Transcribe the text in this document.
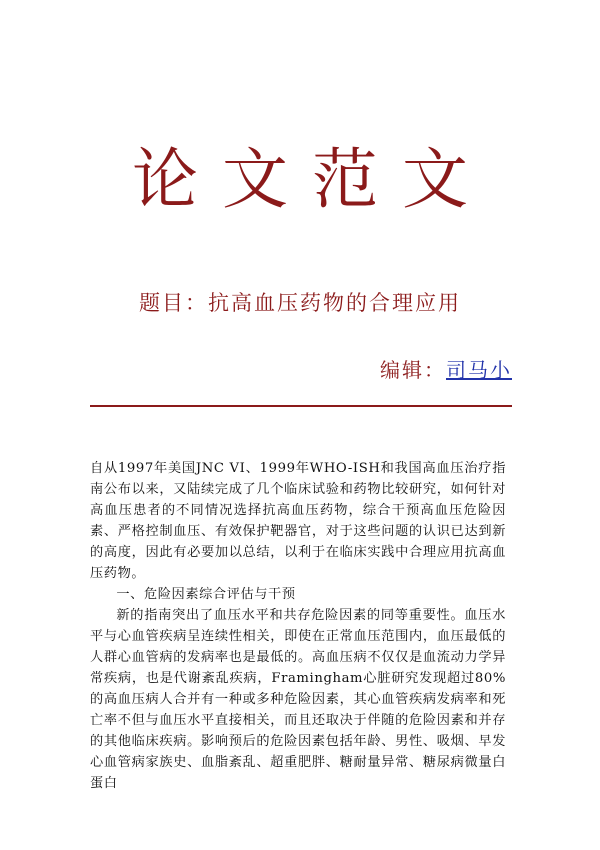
论文范文
题目：抗高血压药物的合理应用
编辑：司马小

自从1997年美国JNC VI、1999年WHO-ISH和我国高血压治疗指南公布以来，又陆续完成了几个临床试验和药物比较研究，如何针对高血压患者的不同情况选择抗高血压药物，综合干预高血压危险因素、严格控制血压、有效保护靶器官，对于这些问题的认识已达到新的高度，因此有必要加以总结，以利于在临床实践中合理应用抗高血压药物。

一、危险因素综合评估与干预

新的指南突出了血压水平和共存危险因素的同等重要性。血压水平与心血管疾病呈连续性相关，即使在正常血压范围内，血压最低的人群心血管病的发病率也是最低的。高血压病不仅仅是血流动力学异常疾病，也是代谢紊乱疾病，Framingham心脏研究发现超过80%的高血压病人合并有一种或多种危险因素，其心血管疾病发病率和死亡率不但与血压水平直接相关，而且还取决于伴随的危险因素和并存的其他临床疾病。影响预后的危险因素包括年龄、男性、吸烟、早发心血管病家族史、血脂紊乱、超重肥胖、糖耐量异常、糖尿病微量白蛋白
